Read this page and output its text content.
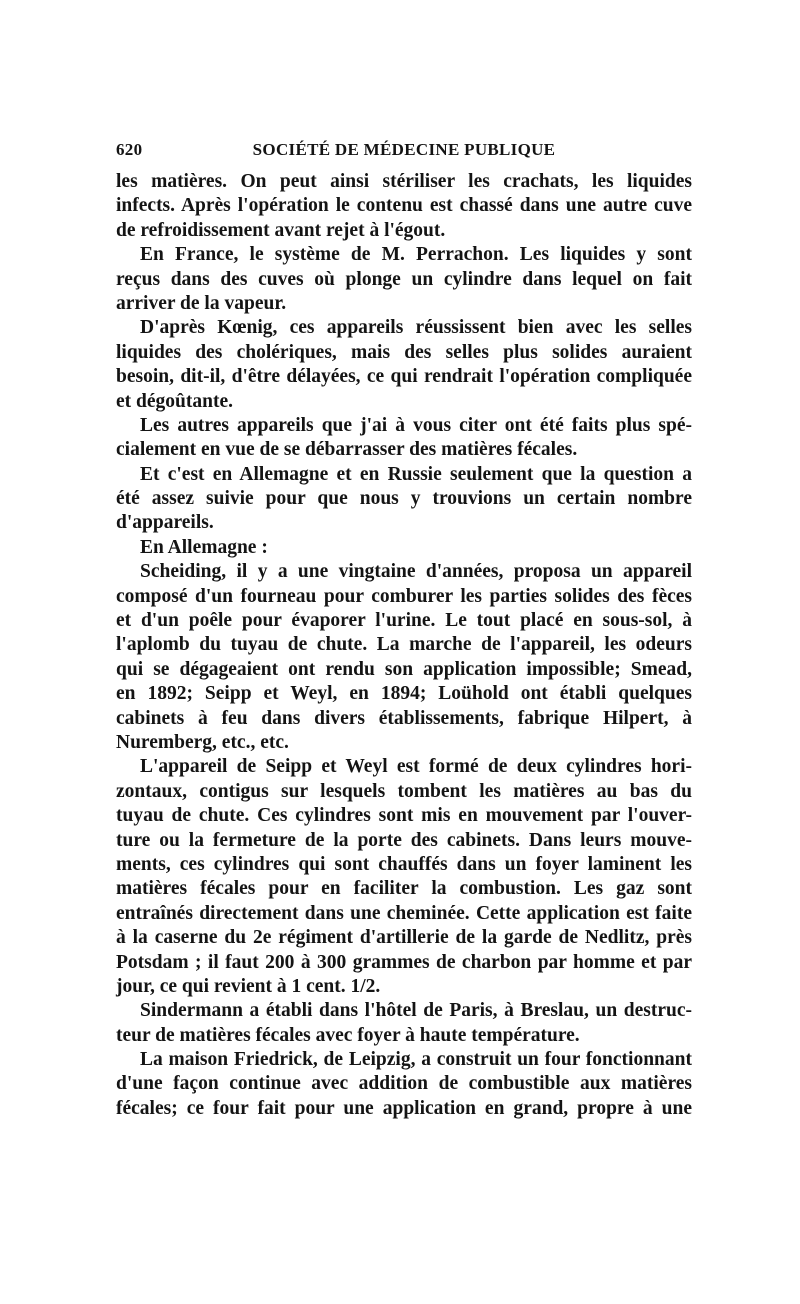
620	SOCIÉTÉ DE MÉDECINE PUBLIQUE
les matières. On peut ainsi stériliser les crachats, les liquides
infects. Après l'opération le contenu est chassé dans une autre cuve
de refroidissement avant rejet à l'égout.
En France, le système de M. Perrachon. Les liquides y sont
reçus dans des cuves où plonge un cylindre dans lequel on fait
arriver de la vapeur.
D'après Kœnig, ces appareils réussissent bien avec les selles
liquides des cholériques, mais des selles plus solides auraient
besoin, dit-il, d'être délayées, ce qui rendrait l'opération compliquée
et dégoûtante.
Les autres appareils que j'ai à vous citer ont été faits plus spé-
cialement en vue de se débarrasser des matières fécales.
Et c'est en Allemagne et en Russie seulement que la question a
été assez suivie pour que nous y trouvions un certain nombre
d'appareils.
En Allemagne :
Scheiding, il y a une vingtaine d'années, proposa un appareil
composé d'un fourneau pour comburer les parties solides des fèces
et d'un poêle pour évaporer l'urine. Le tout placé en sous-sol, à
l'aplomb du tuyau de chute. La marche de l'appareil, les odeurs
qui se dégageaient ont rendu son application impossible; Smead,
en 1892; Seipp et Weyl, en 1894; Loühold ont établi quelques
cabinets à feu dans divers établissements, fabrique Hilpert, à
Nuremberg, etc., etc.
L'appareil de Seipp et Weyl est formé de deux cylindres hori-
zontaux, contigus sur lesquels tombent les matières au bas du
tuyau de chute. Ces cylindres sont mis en mouvement par l'ouver-
ture ou la fermeture de la porte des cabinets. Dans leurs mouve-
ments, ces cylindres qui sont chauffés dans un foyer laminent les
matières fécales pour en faciliter la combustion. Les gaz sont
entraînés directement dans une cheminée. Cette application est faite
à la caserne du 2e régiment d'artillerie de la garde de Nedlitz, près
Potsdam ; il faut 200 à 300 grammes de charbon par homme et par
jour, ce qui revient à 1 cent. 1/2.
Sindermann a établi dans l'hôtel de Paris, à Breslau, un destruc-
teur de matières fécales avec foyer à haute température.
La maison Friedrick, de Leipzig, a construit un four fonctionnant
d'une façon continue avec addition de combustible aux matières
fécales; ce four fait pour une application en grand, propre à une
